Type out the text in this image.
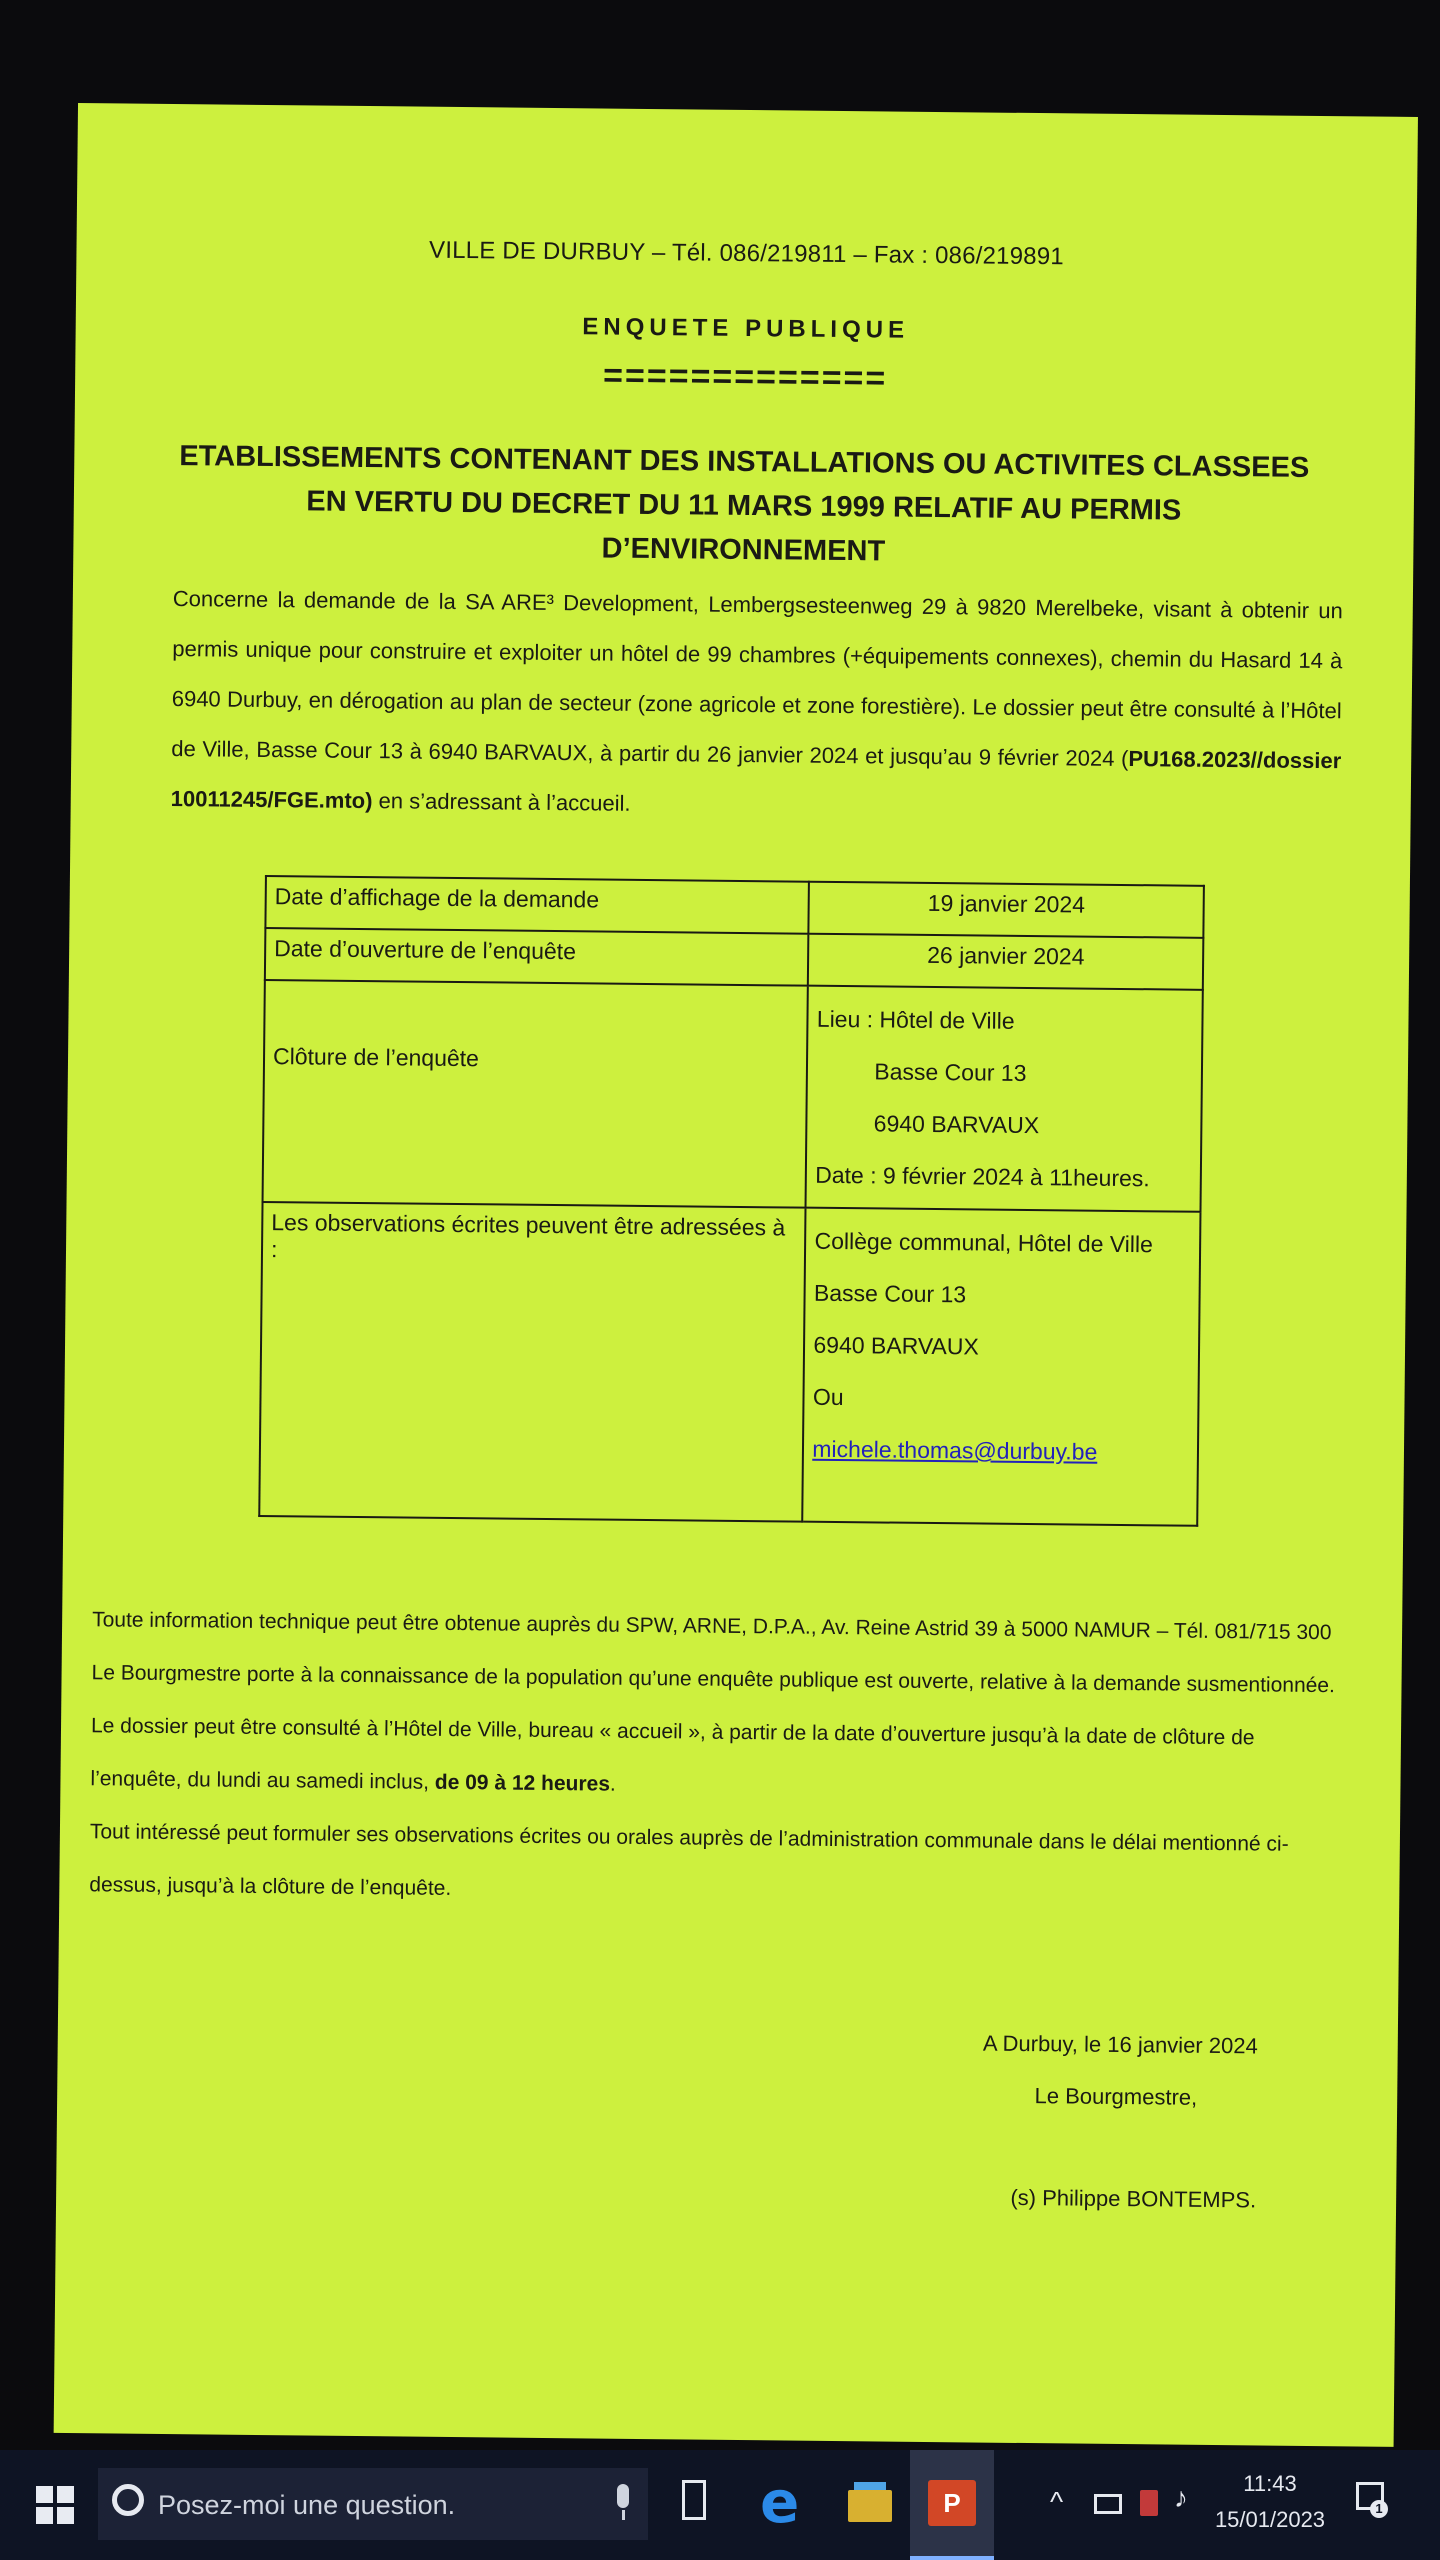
VILLE DE DURBUY – Tél. 086/219811 – Fax : 086/219891
ENQUETE PUBLIQUE
=============
ETABLISSEMENTS CONTENANT DES INSTALLATIONS OU ACTIVITES CLASSEES EN VERTU DU DECRET DU 11 MARS 1999 RELATIF AU PERMIS D’ENVIRONNEMENT
Concerne la demande de la SA ARE³ Development, Lembergsesteenweg 29 à 9820 Merelbeke, visant à obtenir un permis unique pour construire et exploiter un hôtel de 99 chambres (+équipements connexes), chemin du Hasard 14 à 6940 Durbuy, en dérogation au plan de secteur (zone agricole et zone forestière). Le dossier peut être consulté à l’Hôtel de Ville, Basse Cour 13 à 6940 BARVAUX, à partir du 26 janvier 2024 et jusqu’au 9 février 2024 (PU168.2023//dossier 10011245/FGE.mto) en s’adressant à l’accueil.
Date d’affichage de la demande	19 janvier 2024
Date d’ouverture de l’enquête	26 janvier 2024
Clôture de l’enquête	Lieu : Hôtel de Ville
Basse Cour 13
6940 BARVAUX
Date : 9 février 2024 à 11heures.

Les observations écrites peuvent être adressées à :	Collège communal, Hôtel de Ville
Basse Cour 13
6940 BARVAUX
Ou
michele.thomas@durbuy.be
Toute information technique peut être obtenue auprès du SPW, ARNE, D.P.A., Av. Reine Astrid 39 à 5000 NAMUR – Tél. 081/715 300
Le Bourgmestre porte à la connaissance de la population qu’une enquête publique est ouverte, relative à la demande susmentionnée.
Le dossier peut être consulté à l’Hôtel de Ville, bureau « accueil », à partir de la date d’ouverture jusqu’à la date de clôture de l’enquête, du lundi au samedi inclus, de 09 à 12 heures.
Tout intéressé peut formuler ses observations écrites ou orales auprès de l’administration communale dans le délai mentionné ci-dessus, jusqu’à la clôture de l’enquête.
A Durbuy, le 16 janvier 2024
Le Bourgmestre,
(s) Philippe BONTEMPS.
Posez-moi une question.	e	P	^	♪	11:43
15/01/2023	1
